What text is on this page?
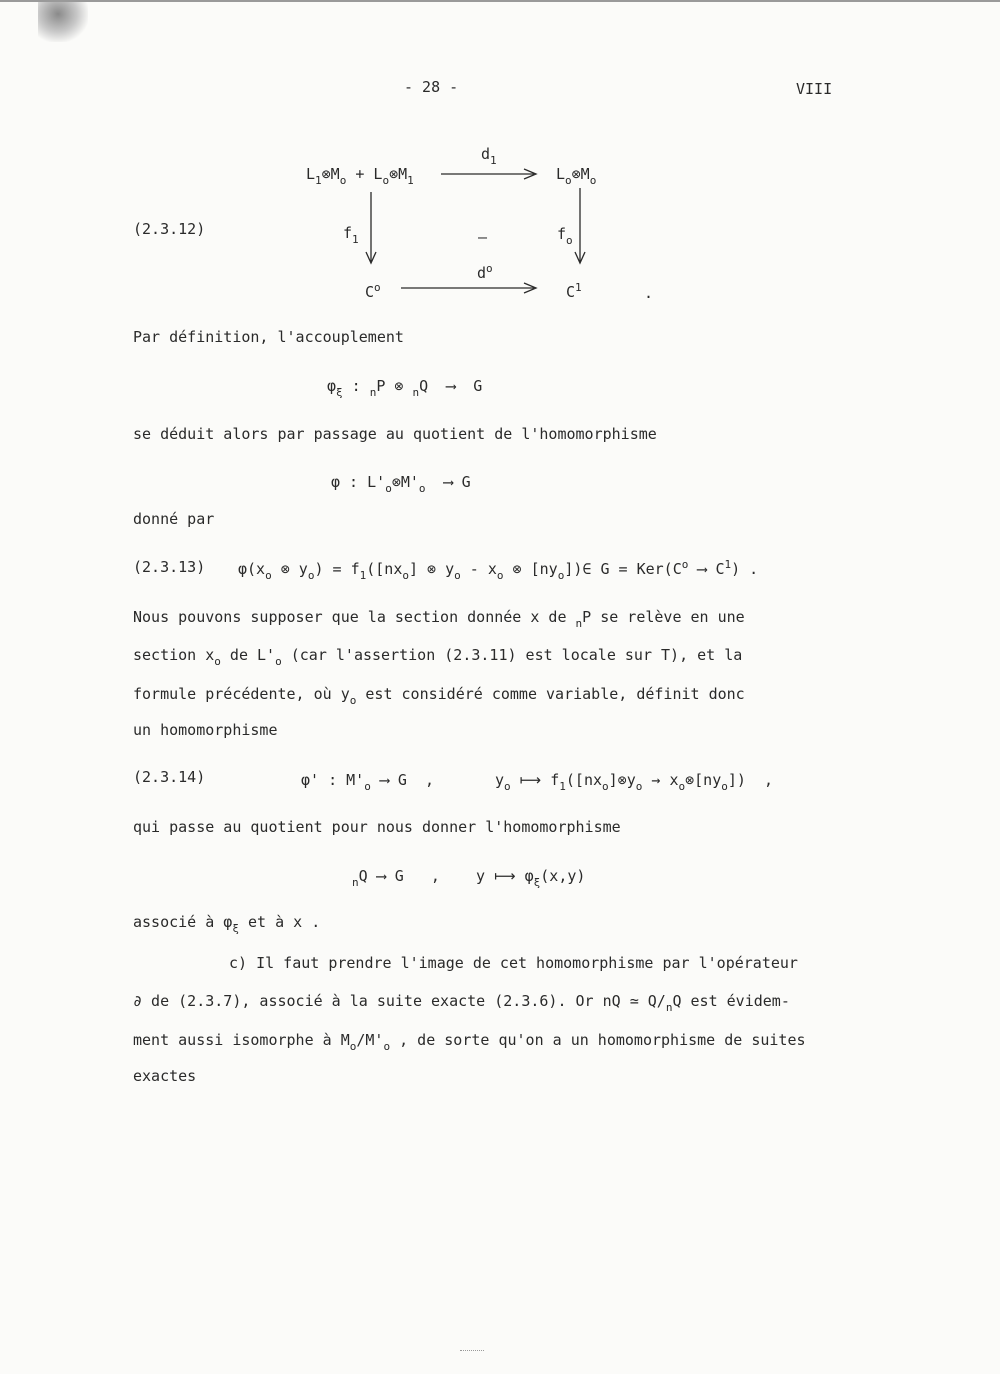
- 28 -	VIII
(2.3.12)
$L_1\otimes M_o$ + $L_o\otimes M_1$
$d_1$
$L_o\otimes M_o$
$f_1$	–	$f_o$
$C^o$
$d^o$
$C^1$	.
Par définition, l'accouplement
$\varphi_\xi$ : $_n$P ⊗ $_n$Q  ⟶  G
se déduit alors par passage au quotient de l'homomorphisme
φ : $L'_o\otimes M'_o$  ⟶ G
donné par
(2.3.13) $\varphi(x_o$ ⊗ $y_o) = f_1([nx_o]$ ⊗ $y_o - x_o$ ⊗ $[ny_o])\in$ $G = Ker(C^o$ ⟶ $C^1$) .
Nous pouvons supposer que la section donnée x de $_n$P se relève en une
section $x_o$ de $L'_o$ (car l'assertion (2.3.11) est locale sur T), et la
formule précédente, où $y_o$ est considéré comme variable, définit donc
un homomorphisme
(2.3.14)	φ' : $M'_o$ ⟶ G  ,	$y_o$ ⟼ $f_1([nx_o]\otimes y_o$ → $x_o\otimes[ny_o]$)  ,
qui passe au quotient pour nous donner l'homomorphisme
$_n$Q ⟶ G   ,    y ⟼ $\varphi_\xi(x,y)$
associé à $\varphi_\xi$ et à x .
c) Il faut prendre l'image de cet homomorphisme par l'opérateur
∂ de (2.3.7), associé à la suite exacte (2.3.6). Or nQ ≃ $Q/_nQ$ est évidem-
ment aussi isomorphe à $M_o/M'_o$ , de sorte qu'on a un homomorphisme de suites
exactes
